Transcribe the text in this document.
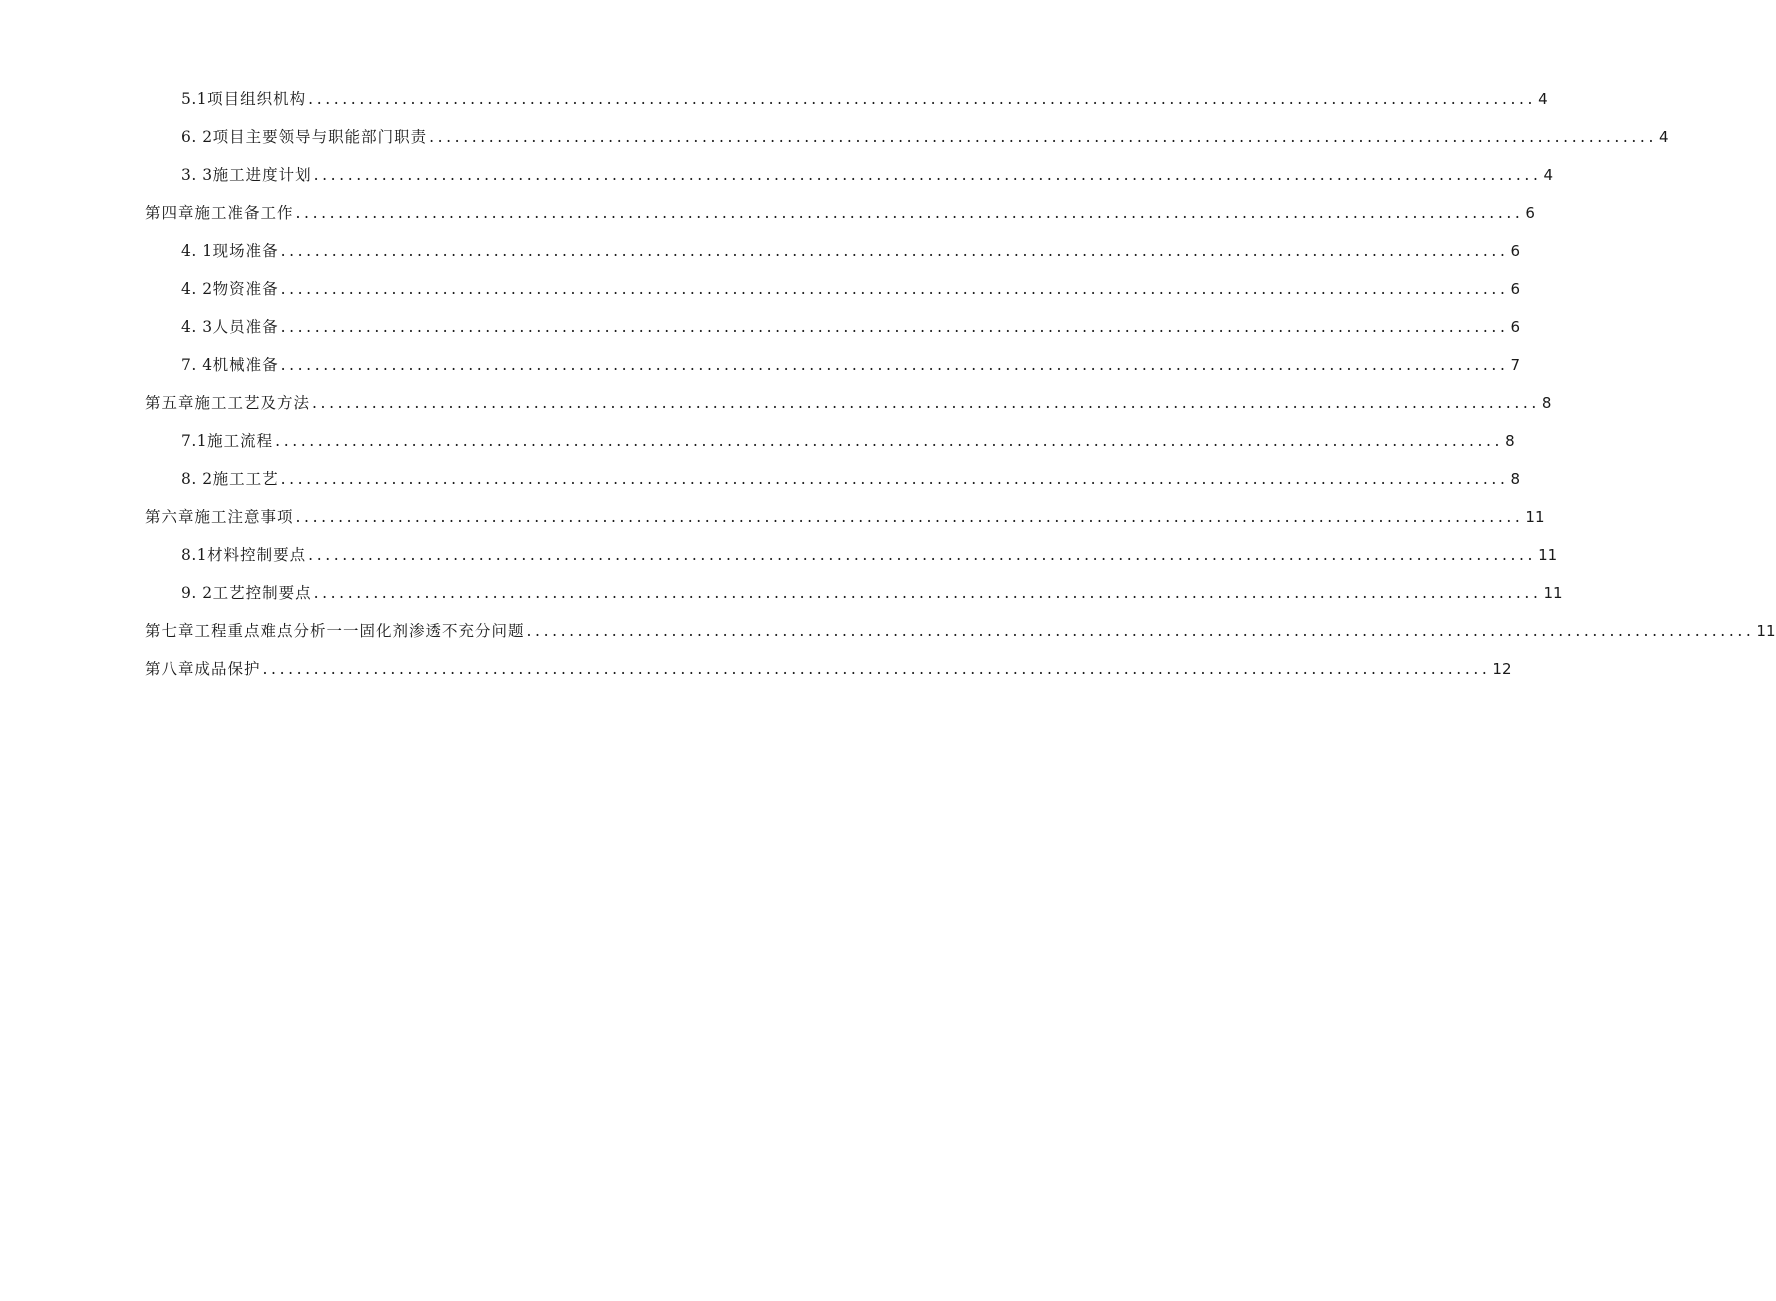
5.1 项目组织机构 ................................................................................................................................................ 4
6. 2 项目主要领导与职能部门职责 ................................................................................................................................................ 4
3. 3 施工进度计划 ................................................................................................................................................ 4
第四章施工准备工作 ................................................................................................................................................ 6
4. 1 现场准备 ................................................................................................................................................ 6
4. 2 物资准备 ................................................................................................................................................ 6
4. 3 人员准备 ................................................................................................................................................ 6
7. 4 机械准备 ................................................................................................................................................ 7
第五章施工工艺及方法 ................................................................................................................................................ 8
7.1 施工流程 ................................................................................................................................................ 8
8. 2 施工工艺 ................................................................................................................................................ 8
第六章施工注意事项 ................................................................................................................................................ 11
8.1 材料控制要点 ................................................................................................................................................ 11
9. 2 工艺控制要点 ................................................................................................................................................ 11
第七章工程重点难点分析一一固化剂渗透不充分问题 ................................................................................................................................................ 11
第八章成品保护 ................................................................................................................................................ 12
